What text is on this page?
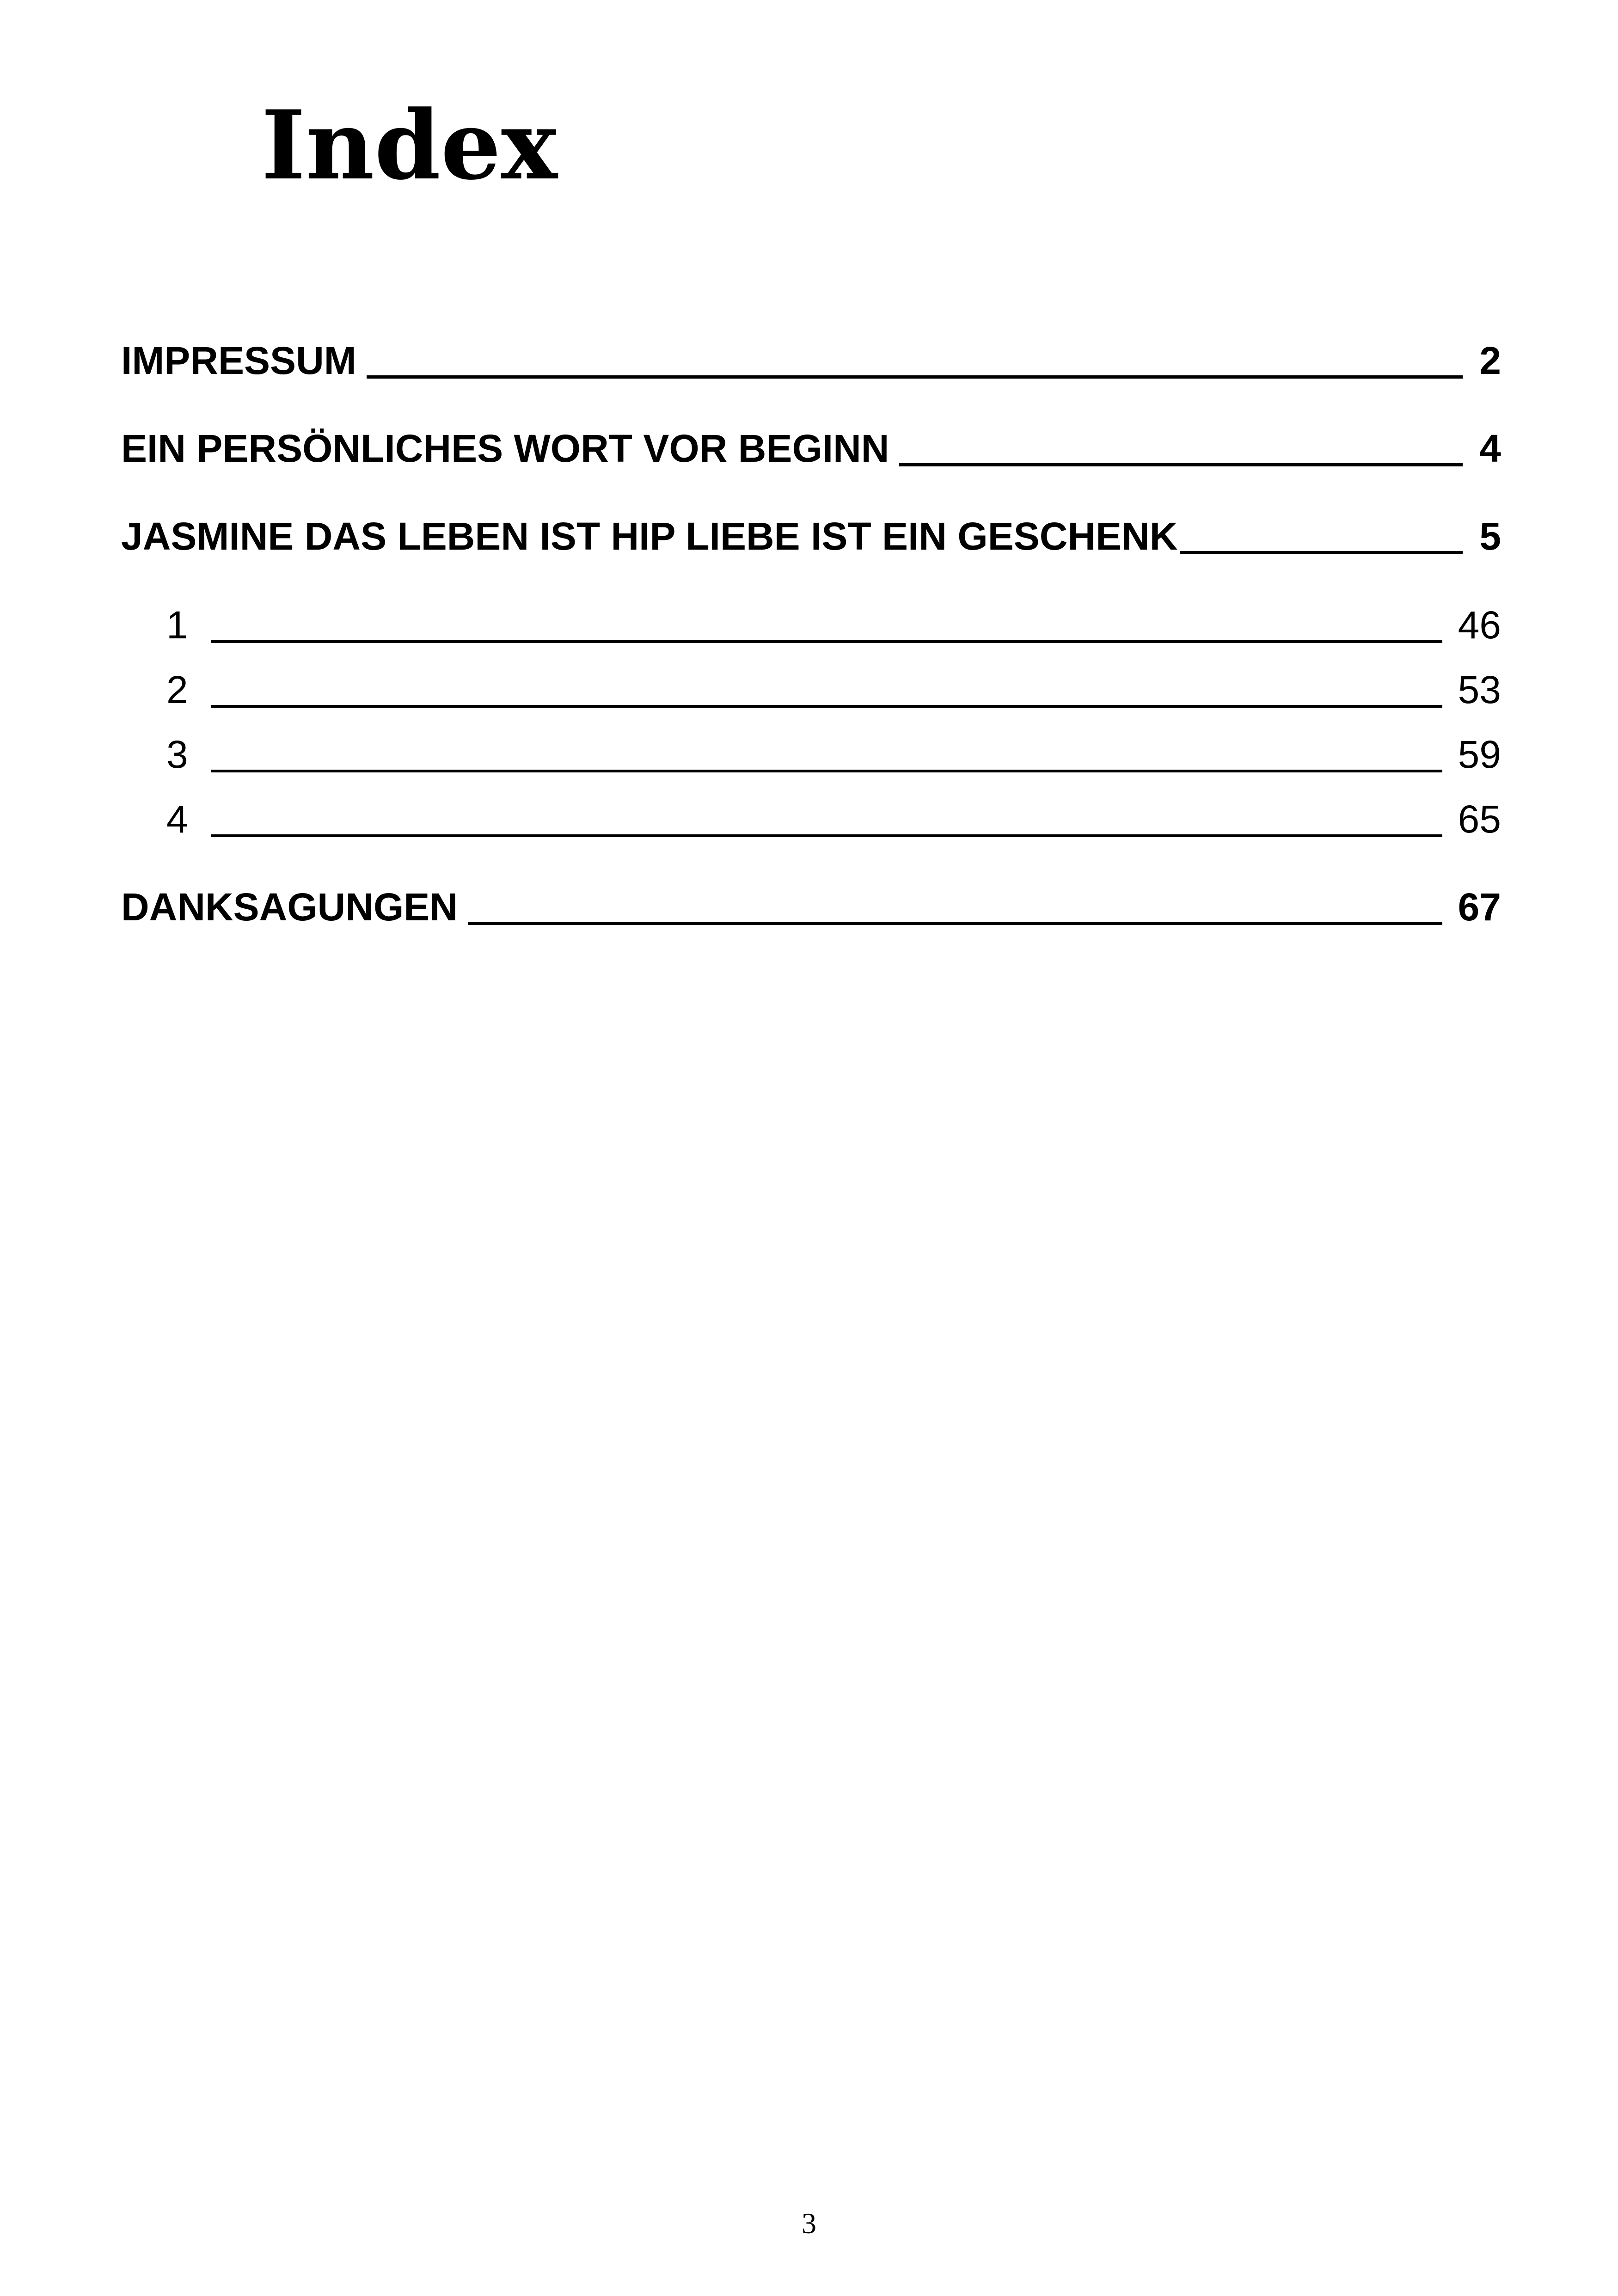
Index
IMPRESSUM	2
EIN PERSÖNLICHES WORT VOR BEGINN	4
JASMINE DAS LEBEN IST HIP LIEBE IST EIN GESCHENK	5
1	46
2	53
3	59
4	65
DANKSAGUNGEN	67
3
